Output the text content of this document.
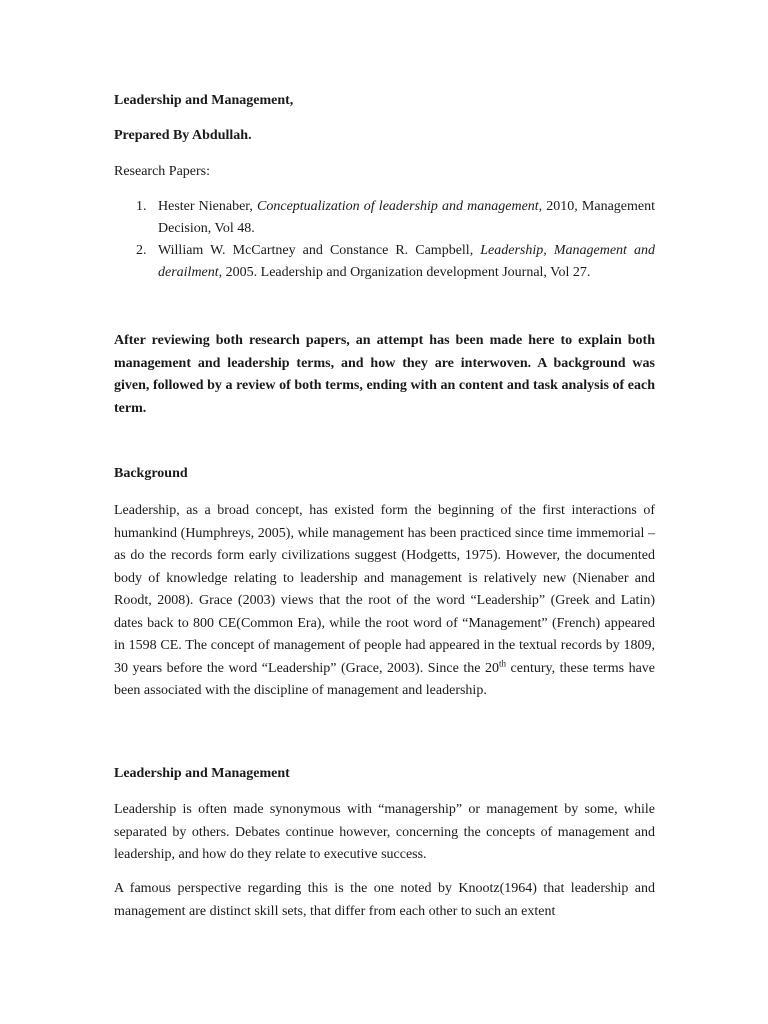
Leadership and Management,
Prepared By Abdullah.
Research Papers:
1. Hester Nienaber, Conceptualization of leadership and management, 2010, Management Decision, Vol 48.
2. William W. McCartney and Constance R. Campbell, Leadership, Management and derailment, 2005. Leadership and Organization development Journal, Vol 27.

After reviewing both research papers, an attempt has been made here to explain both management and leadership terms, and how they are interwoven. A background was given, followed by a review of both terms, ending with an content and task analysis of each term.

Background

Leadership, as a broad concept, has existed form the beginning of the first interactions of humankind (Humphreys, 2005), while management has been practiced since time immemorial – as do the records form early civilizations suggest (Hodgetts, 1975). However, the documented body of knowledge relating to leadership and management is relatively new (Nienaber and Roodt, 2008). Grace (2003) views that the root of the word “Leadership” (Greek and Latin) dates back to 800 CE(Common Era), while the root word of “Management” (French) appeared in 1598 CE. The concept of management of people had appeared in the textual records by 1809, 30 years before the word “Leadership” (Grace, 2003). Since the 20th century, these terms have been associated with the discipline of management and leadership.

Leadership and Management

Leadership is often made synonymous with “managership” or management by some, while separated by others. Debates continue however, concerning the concepts of management and leadership, and how do they relate to executive success.

A famous perspective regarding this is the one noted by Knootz(1964) that leadership and management are distinct skill sets, that differ from each other to such an extent
